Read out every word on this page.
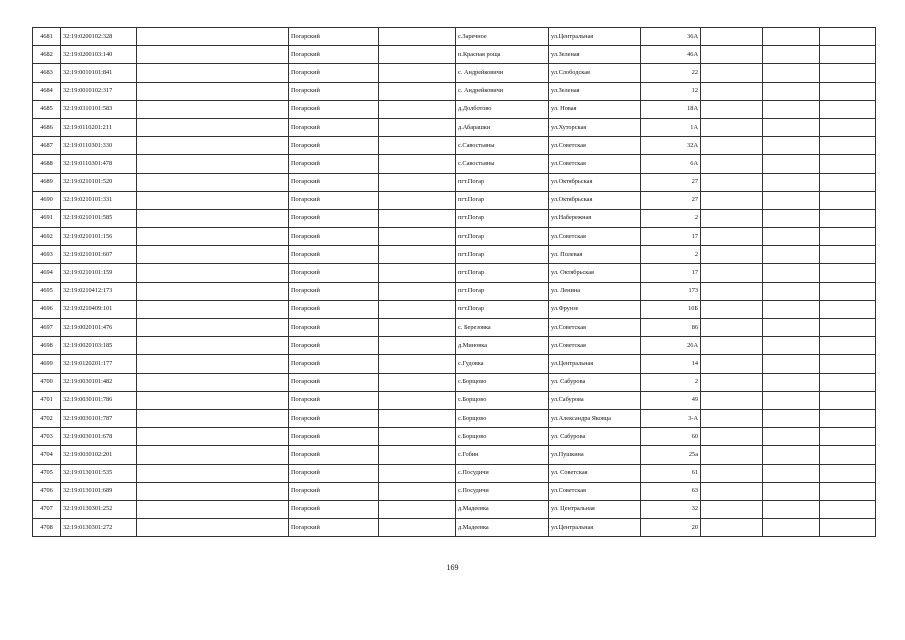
4681	32:19:0200102:328		Погарский		с.Заречное	ул.Центральная	36А			
4682	32:19:0200103:140		Погарский		п.Красная роща	ул.Зеленая	46А			
4683	32:19:0010101:841		Погарский		с. Андрейковичи	ул.Слободская	22			
4684	32:19:0010102:317		Погарский		с. Андрейковичи	ул.Зеленая	12			
4685	32:19:0310101:583		Погарский		д.Долботово	ул. Новая	18А			
4686	32:19:0110201:211		Погарский		д.Абарашки	ул.Хуторская	1А			
4687	32:19:0110301:330		Погарский		с.Савостьяны	ул.Советская	32А			
4688	32:19:0110301:478		Погарский		с.Савостьяны	ул.Советская	6А			
4689	32:19:0210101:520		Погарский		пгт.Погар	ул.Октябрьская	27			
4690	32:19:0210101:331		Погарский		пгт.Погар	ул.Октябрьская	27			
4691	32:19:0210101:585		Погарский		пгт.Погар	ул.Набережная	2			
4692	32:19:0210101:156		Погарский		пгт.Погар	ул.Советская	17			
4693	32:19:0210101:607		Погарский		пгт.Погар	ул. Полевая	2			
4694	32:19:0210101:159		Погарский		пгт.Погар	ул. Октябрьская	17			
4695	32:19:0210412:173		Погарский		пгт.Погар	ул. Ленина	173			
4696	32:19:0210409:101		Погарский		пгт.Погар	ул.Фрунзе	10Б			
4697	32:19:0020101:476		Погарский		с. Березовка	ул.Советская	86			
4698	32:19:0020103:185		Погарский		д.Миновка	ул.Советская	26А			
4699	32:19:0120201:177		Погарский		с.Гудовка	ул.Центральная	14			
4700	32:19:0030101:482		Погарский		с.Борщово	ул. Сабурова	2			
4701	32:19:0030101:786		Погарский		с.Борщово	ул.Сабурова	49			
4702	32:19:0030101:787		Погарский		с.Борщово	ул.Александра Яковца	3-А			
4703	32:19:0030101:678		Погарский		с.Борщово	ул. Сабурова	60			
4704	32:19:0030102:201		Погарский		с.Гобин	ул.Пушкина	25а			
4705	32:19:0130101:535		Погарский		с.Посудичи	ул. Советская	61			
4706	32:19:0130101:689		Погарский		с.Посудичи	ул.Советская	63			
4707	32:19:0130301:252		Погарский		д.Мадеевка	ул. Центральная	32			
4708	32:19:0130301:272		Погарский		д.Мадеевка	ул.Центральная	20			
169
